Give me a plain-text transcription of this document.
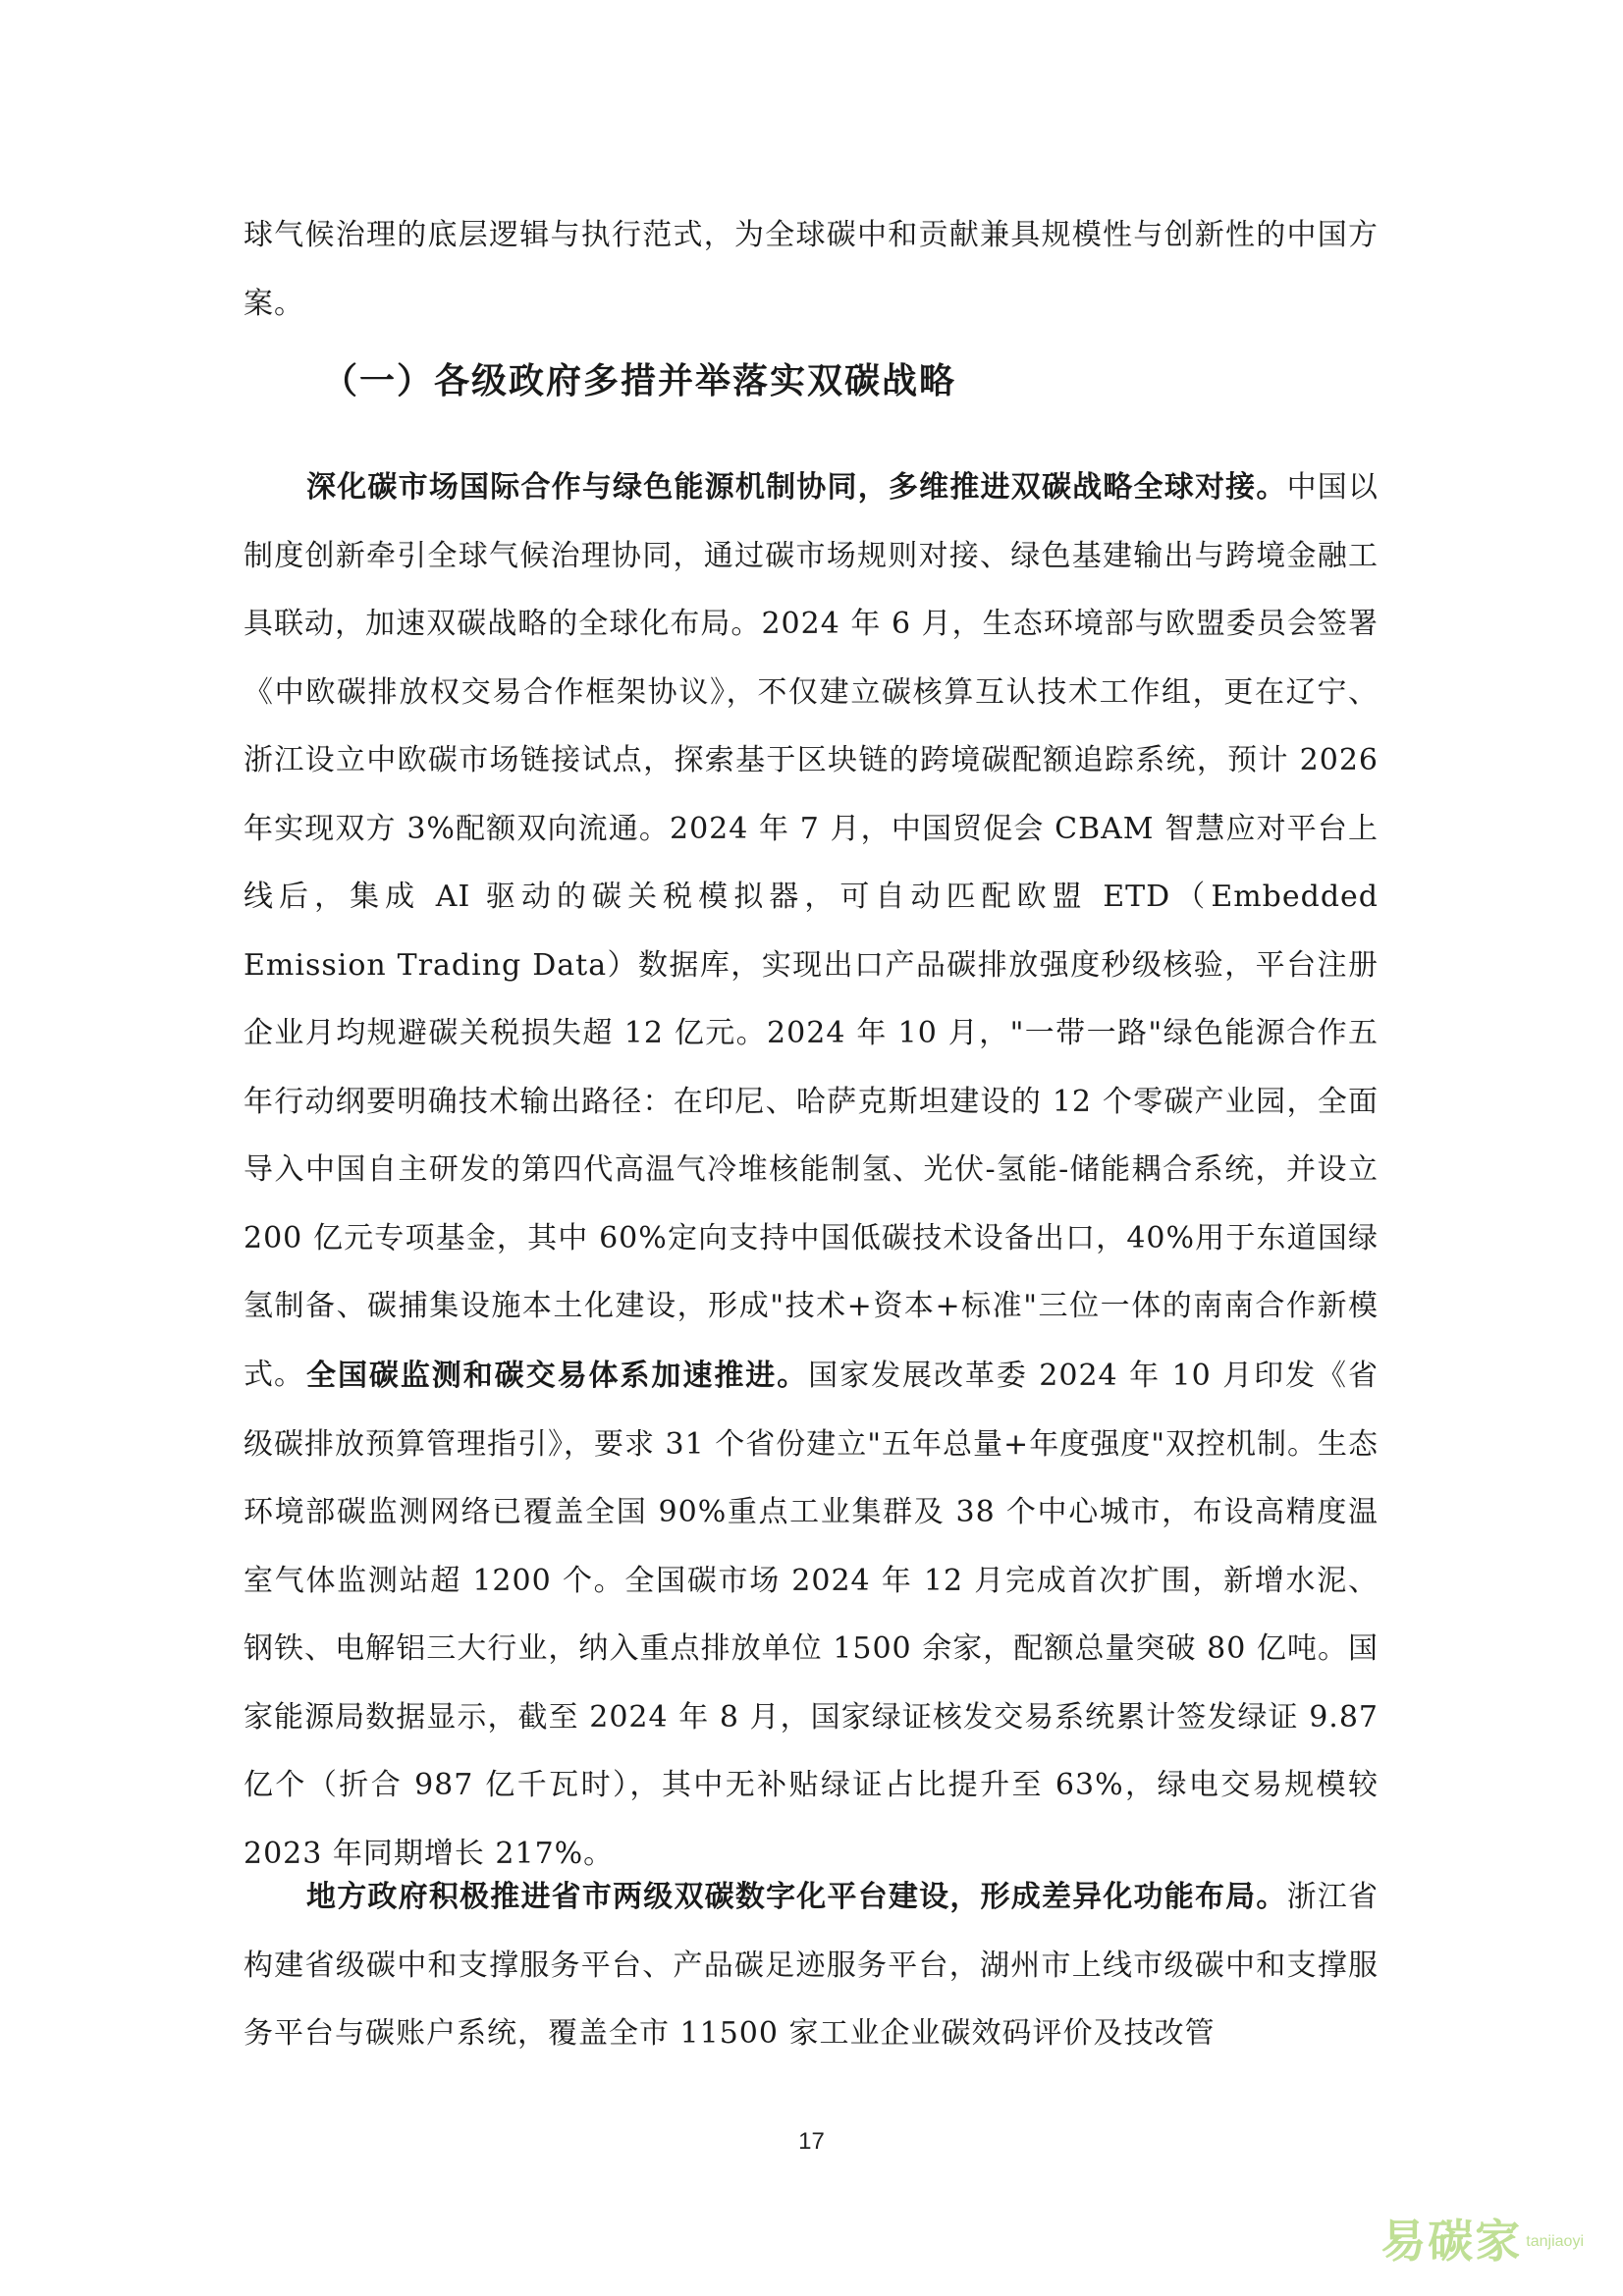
球气候治理的底层逻辑与执行范式，为全球碳中和贡献兼具规模性与创新性的中国方案。

（一）各级政府多措并举落实双碳战略

深化碳市场国际合作与绿色能源机制协同，多维推进双碳战略全球对接。中国以制度创新牵引全球气候治理协同，通过碳市场规则对接、绿色基建输出与跨境金融工具联动，加速双碳战略的全球化布局。2024 年 6 月，生态环境部与欧盟委员会签署《中欧碳排放权交易合作框架协议》，不仅建立碳核算互认技术工作组，更在辽宁、浙江设立中欧碳市场链接试点，探索基于区块链的跨境碳配额追踪系统，预计 2026 年实现双方 3%配额双向流通。2024 年 7 月，中国贸促会 CBAM 智慧应对平台上线后，集成 AI 驱动的碳关税模拟器，可自动匹配欧盟 ETD（Embedded Emission Trading Data）数据库，实现出口产品碳排放强度秒级核验，平台注册企业月均规避碳关税损失超 12 亿元。2024 年 10 月，"一带一路"绿色能源合作五年行动纲要明确技术输出路径：在印尼、哈萨克斯坦建设的 12 个零碳产业园，全面导入中国自主研发的第四代高温气冷堆核能制氢、光伏-氢能-储能耦合系统，并设立 200 亿元专项基金，其中 60%定向支持中国低碳技术设备出口，40%用于东道国绿氢制备、碳捕集设施本土化建设，形成"技术+资本+标准"三位一体的南南合作新模式。 全国碳监测和碳交易体系加速推进。国家发展改革委 2024 年 10 月印发《省级碳排放预算管理指引》，要求 31 个省份建立"五年总量+年度强度"双控机制。生态环境部碳监测网络已覆盖全国 90%重点工业集群及 38 个中心城市，布设高精度温室气体监测站超 1200 个。全国碳市场 2024 年 12 月完成首次扩围，新增水泥、钢铁、电解铝三大行业，纳入重点排放单位 1500 余家，配额总量突破 80 亿吨。国家能源局数据显示，截至 2024 年 8 月，国家绿证核发交易系统累计签发绿证 9.87 亿个（折合 987 亿千瓦时），其中无补贴绿证占比提升至 63%，绿电交易规模较 2023 年同期增长 217%。

地方政府积极推进省市两级双碳数字化平台建设，形成差异化功能布局。浙江省构建省级碳中和支撑服务平台、产品碳足迹服务平台，湖州市上线市级碳中和支撑服务平台与碳账户系统，覆盖全市 11500 家工业企业碳效码评价及技改管

17
易碳家 tanjiaoyi
